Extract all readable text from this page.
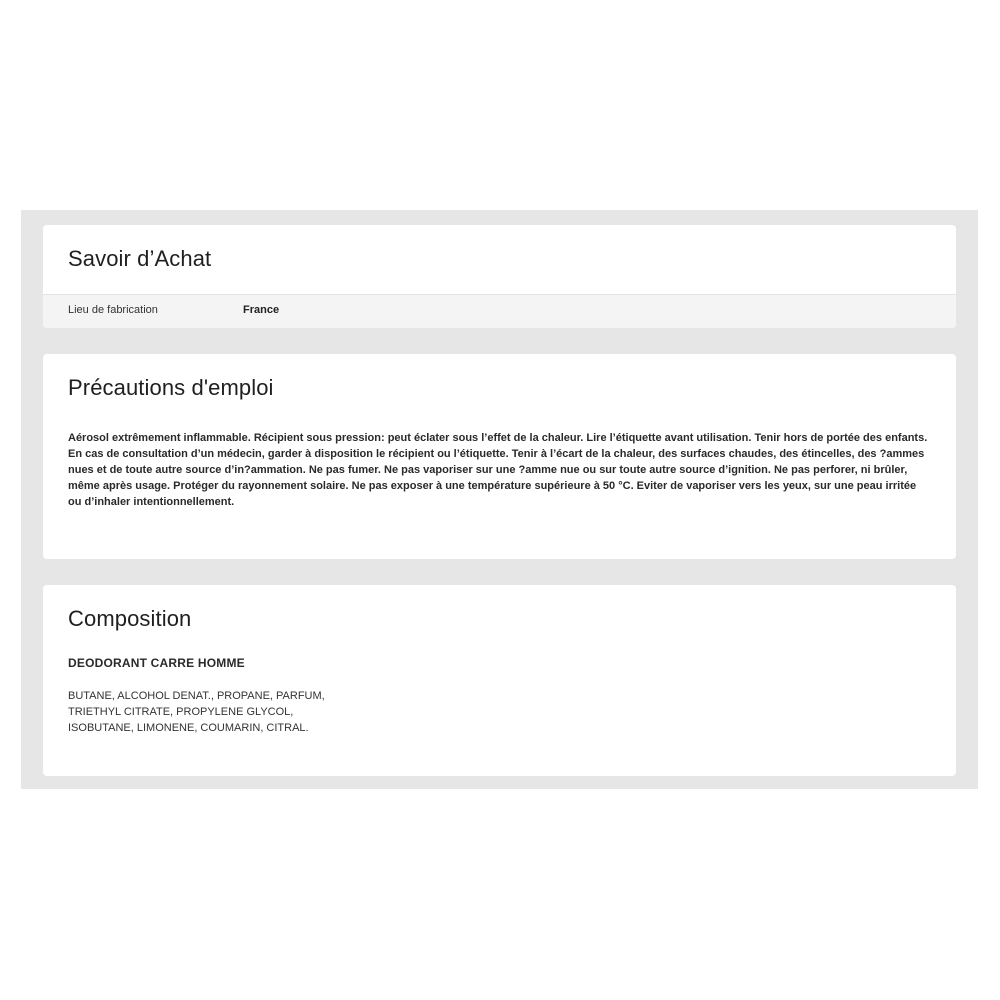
Savoir d’Achat
Lieu de fabrication	France
Précautions d'emploi

Aérosol extrêmement inflammable. Récipient sous pression: peut éclater sous l’effet de la chaleur. Lire l’étiquette avant utilisation. Tenir hors de portée des enfants. En cas de consultation d’un médecin, garder à disposition le récipient ou l’étiquette. Tenir à l’écart de la chaleur, des surfaces chaudes, des étincelles, des ?ammes nues et de toute autre source d’in?ammation. Ne pas fumer. Ne pas vaporiser sur une ?amme nue ou sur toute autre source d’ignition. Ne pas perforer, ni brûler, même après usage. Protéger du rayonnement solaire. Ne pas exposer à une température supérieure à 50 °C. Eviter de vaporiser vers les yeux, sur une peau irritée ou d’inhaler intentionnellement.

Composition

DEODORANT CARRE HOMME

BUTANE, ALCOHOL DENAT., PROPANE, PARFUM,
TRIETHYL CITRATE, PROPYLENE GLYCOL,
ISOBUTANE, LIMONENE, COUMARIN, CITRAL.
